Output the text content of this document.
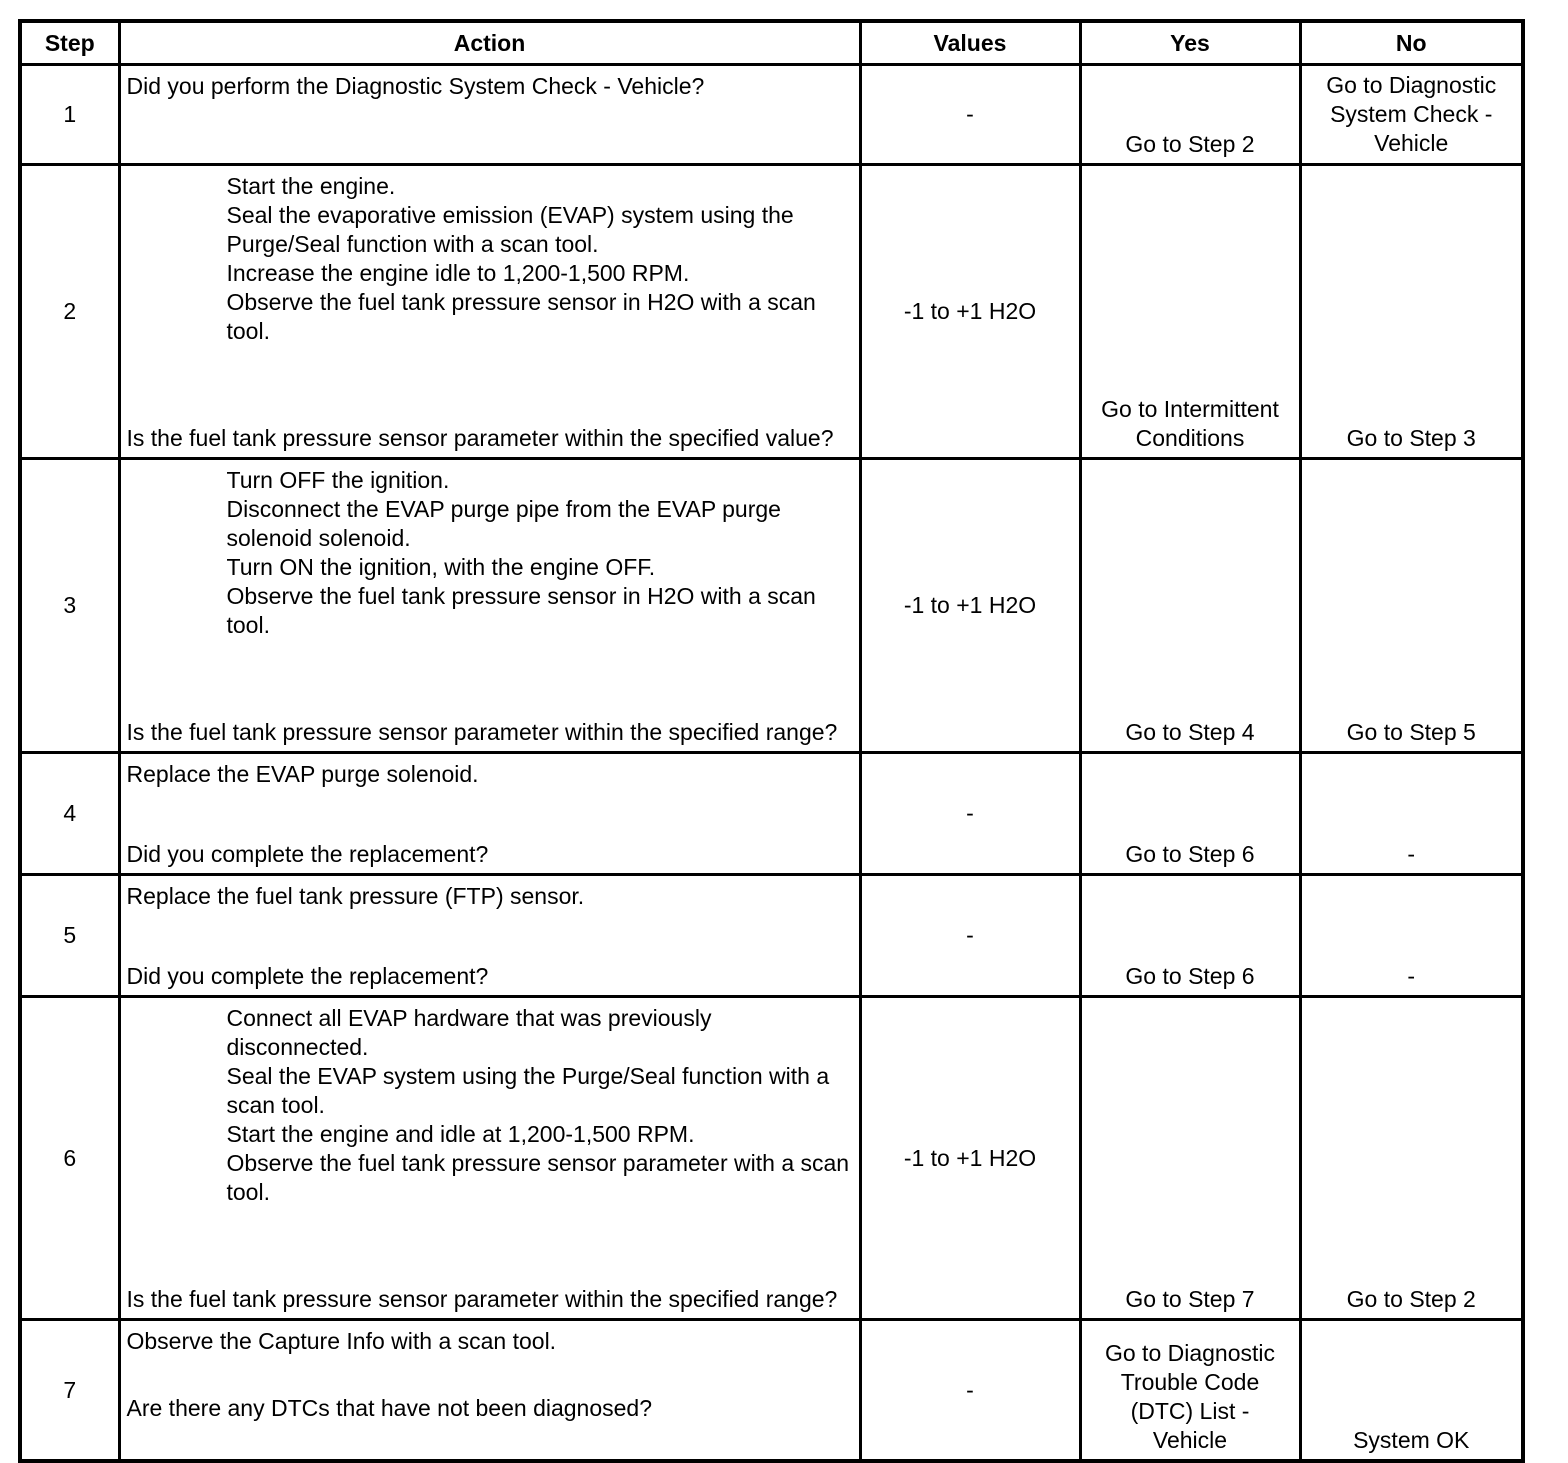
Step	Action	Values	Yes	No
1	Did you perform the Diagnostic System Check - Vehicle?	-	Go to Step 2	Go to Diagnostic System Check - Vehicle
2	Start the engine.
Seal the evaporative emission (EVAP) system using the Purge/Seal function with a scan tool.
Increase the engine idle to 1,200-1,500 RPM.
Observe the fuel tank pressure sensor in H2O with a scan tool.
Is the fuel tank pressure sensor parameter within the specified value?	-1 to +1 H2O	Go to Intermittent Conditions	Go to Step 3
3	Turn OFF the ignition.
Disconnect the EVAP purge pipe from the EVAP purge solenoid solenoid.
Turn ON the ignition, with the engine OFF.
Observe the fuel tank pressure sensor in H2O with a scan tool.
Is the fuel tank pressure sensor parameter within the specified range?	-1 to +1 H2O	Go to Step 4	Go to Step 5
4	Replace the EVAP purge solenoid.
Did you complete the replacement?	-	Go to Step 6	-
5	Replace the fuel tank pressure (FTP) sensor.
Did you complete the replacement?	-	Go to Step 6	-
6	Connect all EVAP hardware that was previously disconnected.
Seal the EVAP system using the Purge/Seal function with a scan tool.
Start the engine and idle at 1,200-1,500 RPM.
Observe the fuel tank pressure sensor parameter with a scan tool.
Is the fuel tank pressure sensor parameter within the specified range?	-1 to +1 H2O	Go to Step 7	Go to Step 2
7	Observe the Capture Info with a scan tool.
Are there any DTCs that have not been diagnosed?	-	Go to Diagnostic Trouble Code (DTC) List - Vehicle	System OK
